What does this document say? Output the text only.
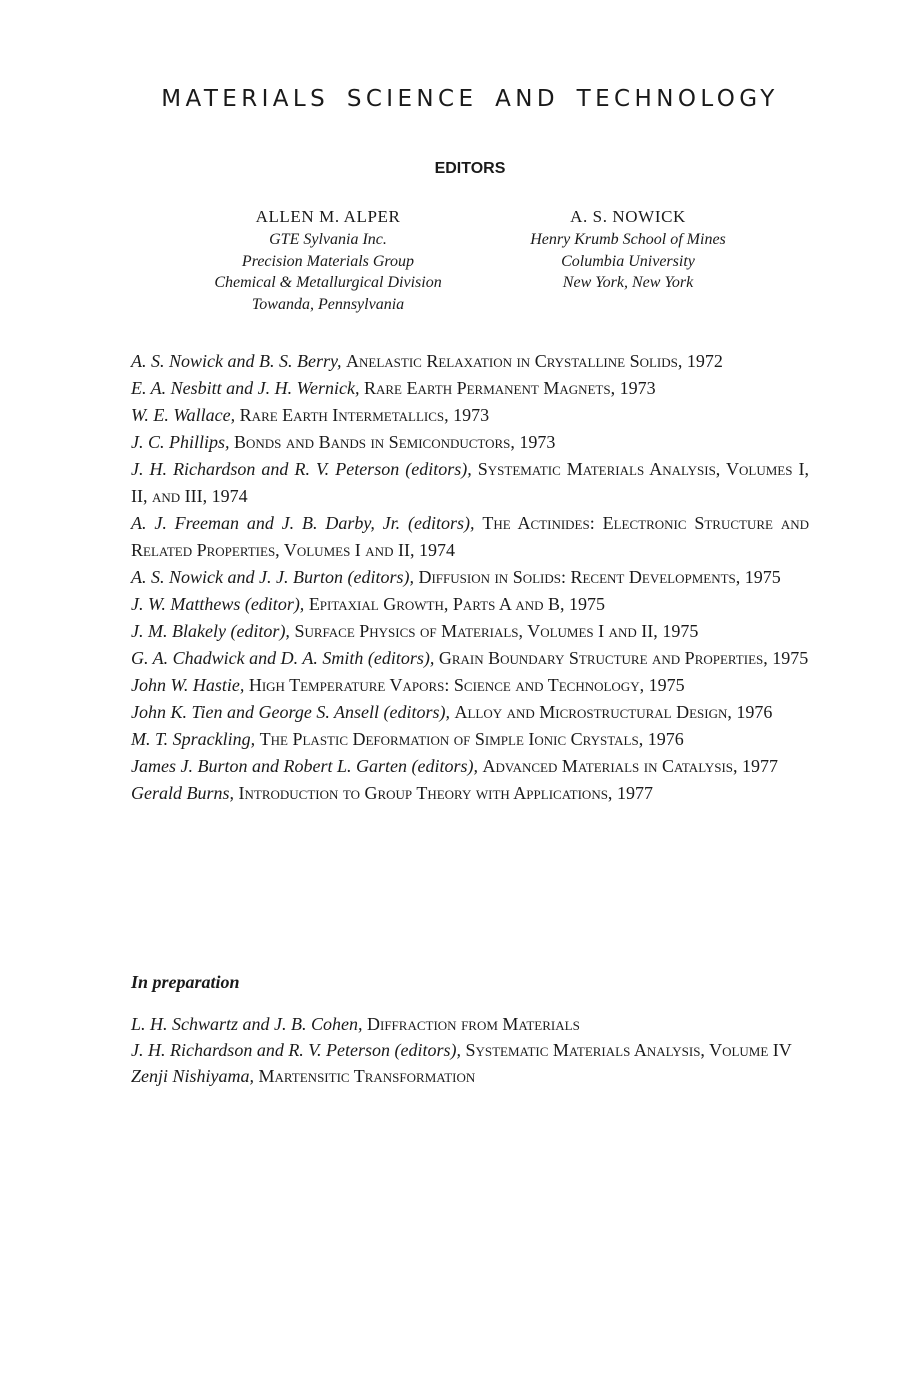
MATERIALS SCIENCE AND TECHNOLOGY
EDITORS
ALLEN M. ALPER
GTE Sylvania Inc.
Precision Materials Group
Chemical & Metallurgical Division
Towanda, Pennsylvania
A. S. NOWICK
Henry Krumb School of Mines
Columbia University
New York, New York
A. S. Nowick and B. S. Berry, Anelastic Relaxation in Crystalline Solids, 1972
E. A. Nesbitt and J. H. Wernick, Rare Earth Permanent Magnets, 1973
W. E. Wallace, Rare Earth Intermetallics, 1973
J. C. Phillips, Bonds and Bands in Semiconductors, 1973
J. H. Richardson and R. V. Peterson (editors), Systematic Materials Analysis, Volumes I, II, and III, 1974
A. J. Freeman and J. B. Darby, Jr. (editors), The Actinides: Electronic Structure and Related Properties, Volumes I and II, 1974
A. S. Nowick and J. J. Burton (editors), Diffusion in Solids: Recent Developments, 1975
J. W. Matthews (editor), Epitaxial Growth, Parts A and B, 1975
J. M. Blakely (editor), Surface Physics of Materials, Volumes I and II, 1975
G. A. Chadwick and D. A. Smith (editors), Grain Boundary Structure and Properties, 1975
John W. Hastie, High Temperature Vapors: Science and Technology, 1975
John K. Tien and George S. Ansell (editors), Alloy and Microstructural Design, 1976
M. T. Sprackling, The Plastic Deformation of Simple Ionic Crystals, 1976
James J. Burton and Robert L. Garten (editors), Advanced Materials in Catalysis, 1977
Gerald Burns, Introduction to Group Theory with Applications, 1977
In preparation
L. H. Schwartz and J. B. Cohen, Diffraction from Materials
J. H. Richardson and R. V. Peterson (editors), Systematic Materials Analysis, Volume IV
Zenji Nishiyama, Martensitic Transformation
